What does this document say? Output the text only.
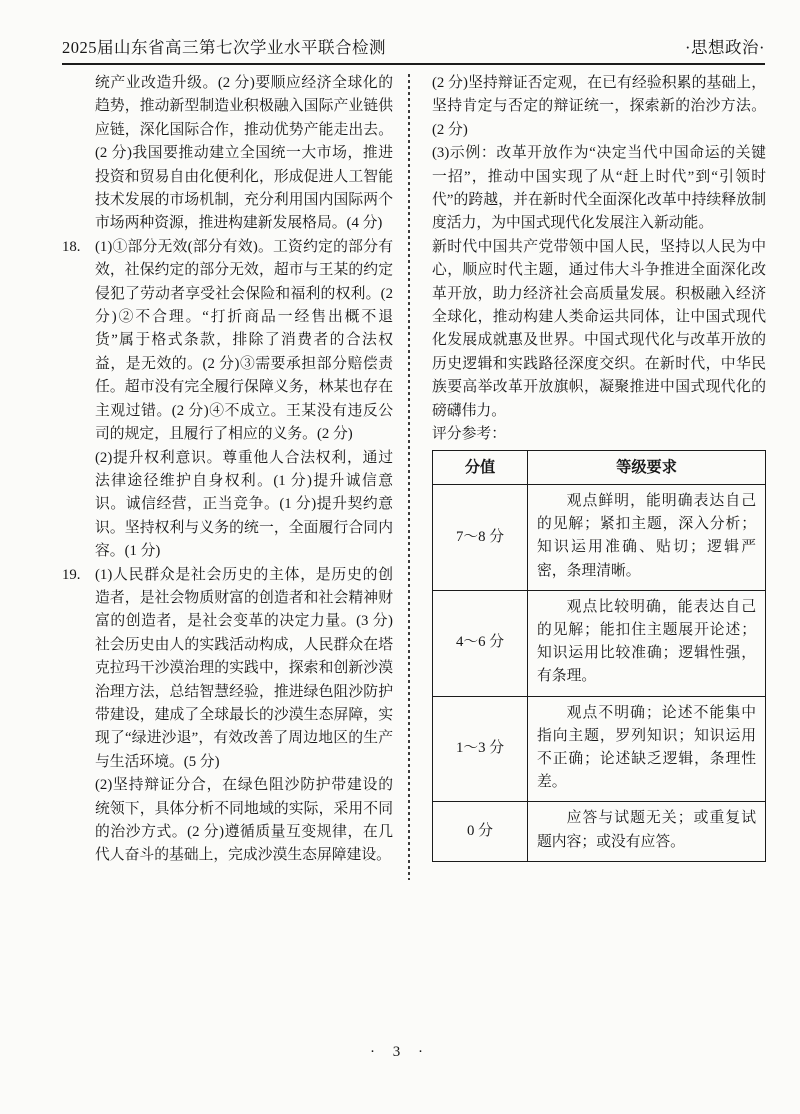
2025届山东省高三第七次学业水平联合检测	·思想政治·

统产业改造升级。(2 分)要顺应经济全球化的趋势，推动新型制造业积极融入国际产业链供应链，深化国际合作，推动优势产能走出去。(2 分)我国要推动建立全国统一大市场，推进投资和贸易自由化便利化，形成促进人工智能技术发展的市场机制，充分利用国内国际两个市场两种资源，推进构建新发展格局。(4 分)

18. (1)①部分无效(部分有效)。工资约定的部分有效，社保约定的部分无效，超市与王某的约定侵犯了劳动者享受社会保险和福利的权利。(2 分)②不合理。“打折商品一经售出概不退货”属于格式条款，排除了消费者的合法权益，是无效的。(2 分)③需要承担部分赔偿责任。超市没有完全履行保障义务，林某也存在主观过错。(2 分)④不成立。王某没有违反公司的规定，且履行了相应的义务。(2 分)

(2)提升权利意识。尊重他人合法权利，通过法律途径维护自身权利。(1 分)提升诚信意识。诚信经营，正当竞争。(1 分)提升契约意识。坚持权利与义务的统一，全面履行合同内容。(1 分)

19. (1)人民群众是社会历史的主体，是历史的创造者，是社会物质财富的创造者和社会精神财富的创造者，是社会变革的决定力量。(3 分)社会历史由人的实践活动构成，人民群众在塔克拉玛干沙漠治理的实践中，探索和创新沙漠治理方法，总结智慧经验，推进绿色阻沙防护带建设，建成了全球最长的沙漠生态屏障，实现了“绿进沙退”，有效改善了周边地区的生产与生活环境。(5 分)

(2)坚持辩证分合，在绿色阻沙防护带建设的统领下，具体分析不同地域的实际，采用不同的治沙方式。(2 分)遵循质量互变规律，在几代人奋斗的基础上，完成沙漠生态屏障建设。

(2 分)坚持辩证否定观，在已有经验积累的基础上，坚持肯定与否定的辩证统一，探索新的治沙方法。(2 分)

(3)示例：改革开放作为“决定当代中国命运的关键一招”，推动中国实现了从“赶上时代”到“引领时代”的跨越，并在新时代全面深化改革中持续释放制度活力，为中国式现代化发展注入新动能。

新时代中国共产党带领中国人民，坚持以人民为中心，顺应时代主题，通过伟大斗争推进全面深化改革开放，助力经济社会高质量发展。积极融入经济全球化，推动构建人类命运共同体，让中国式现代化发展成就惠及世界。中国式现代化与改革开放的历史逻辑和实践路径深度交织。在新时代，中华民族要高举改革开放旗帜，凝聚推进中国式现代化的磅礴伟力。

评分参考：

分值	等级要求
7～8 分	观点鲜明，能明确表达自己的见解；紧扣主题，深入分析；知识运用准确、贴切；逻辑严密，条理清晰。
4～6 分	观点比较明确，能表达自己的见解；能扣住主题展开论述；知识运用比较准确；逻辑性强，有条理。
1～3 分	观点不明确；论述不能集中指向主题，罗列知识；知识运用不正确；论述缺乏逻辑，条理性差。
0 分	应答与试题无关；或重复试题内容；或没有应答。
· 3 ·
